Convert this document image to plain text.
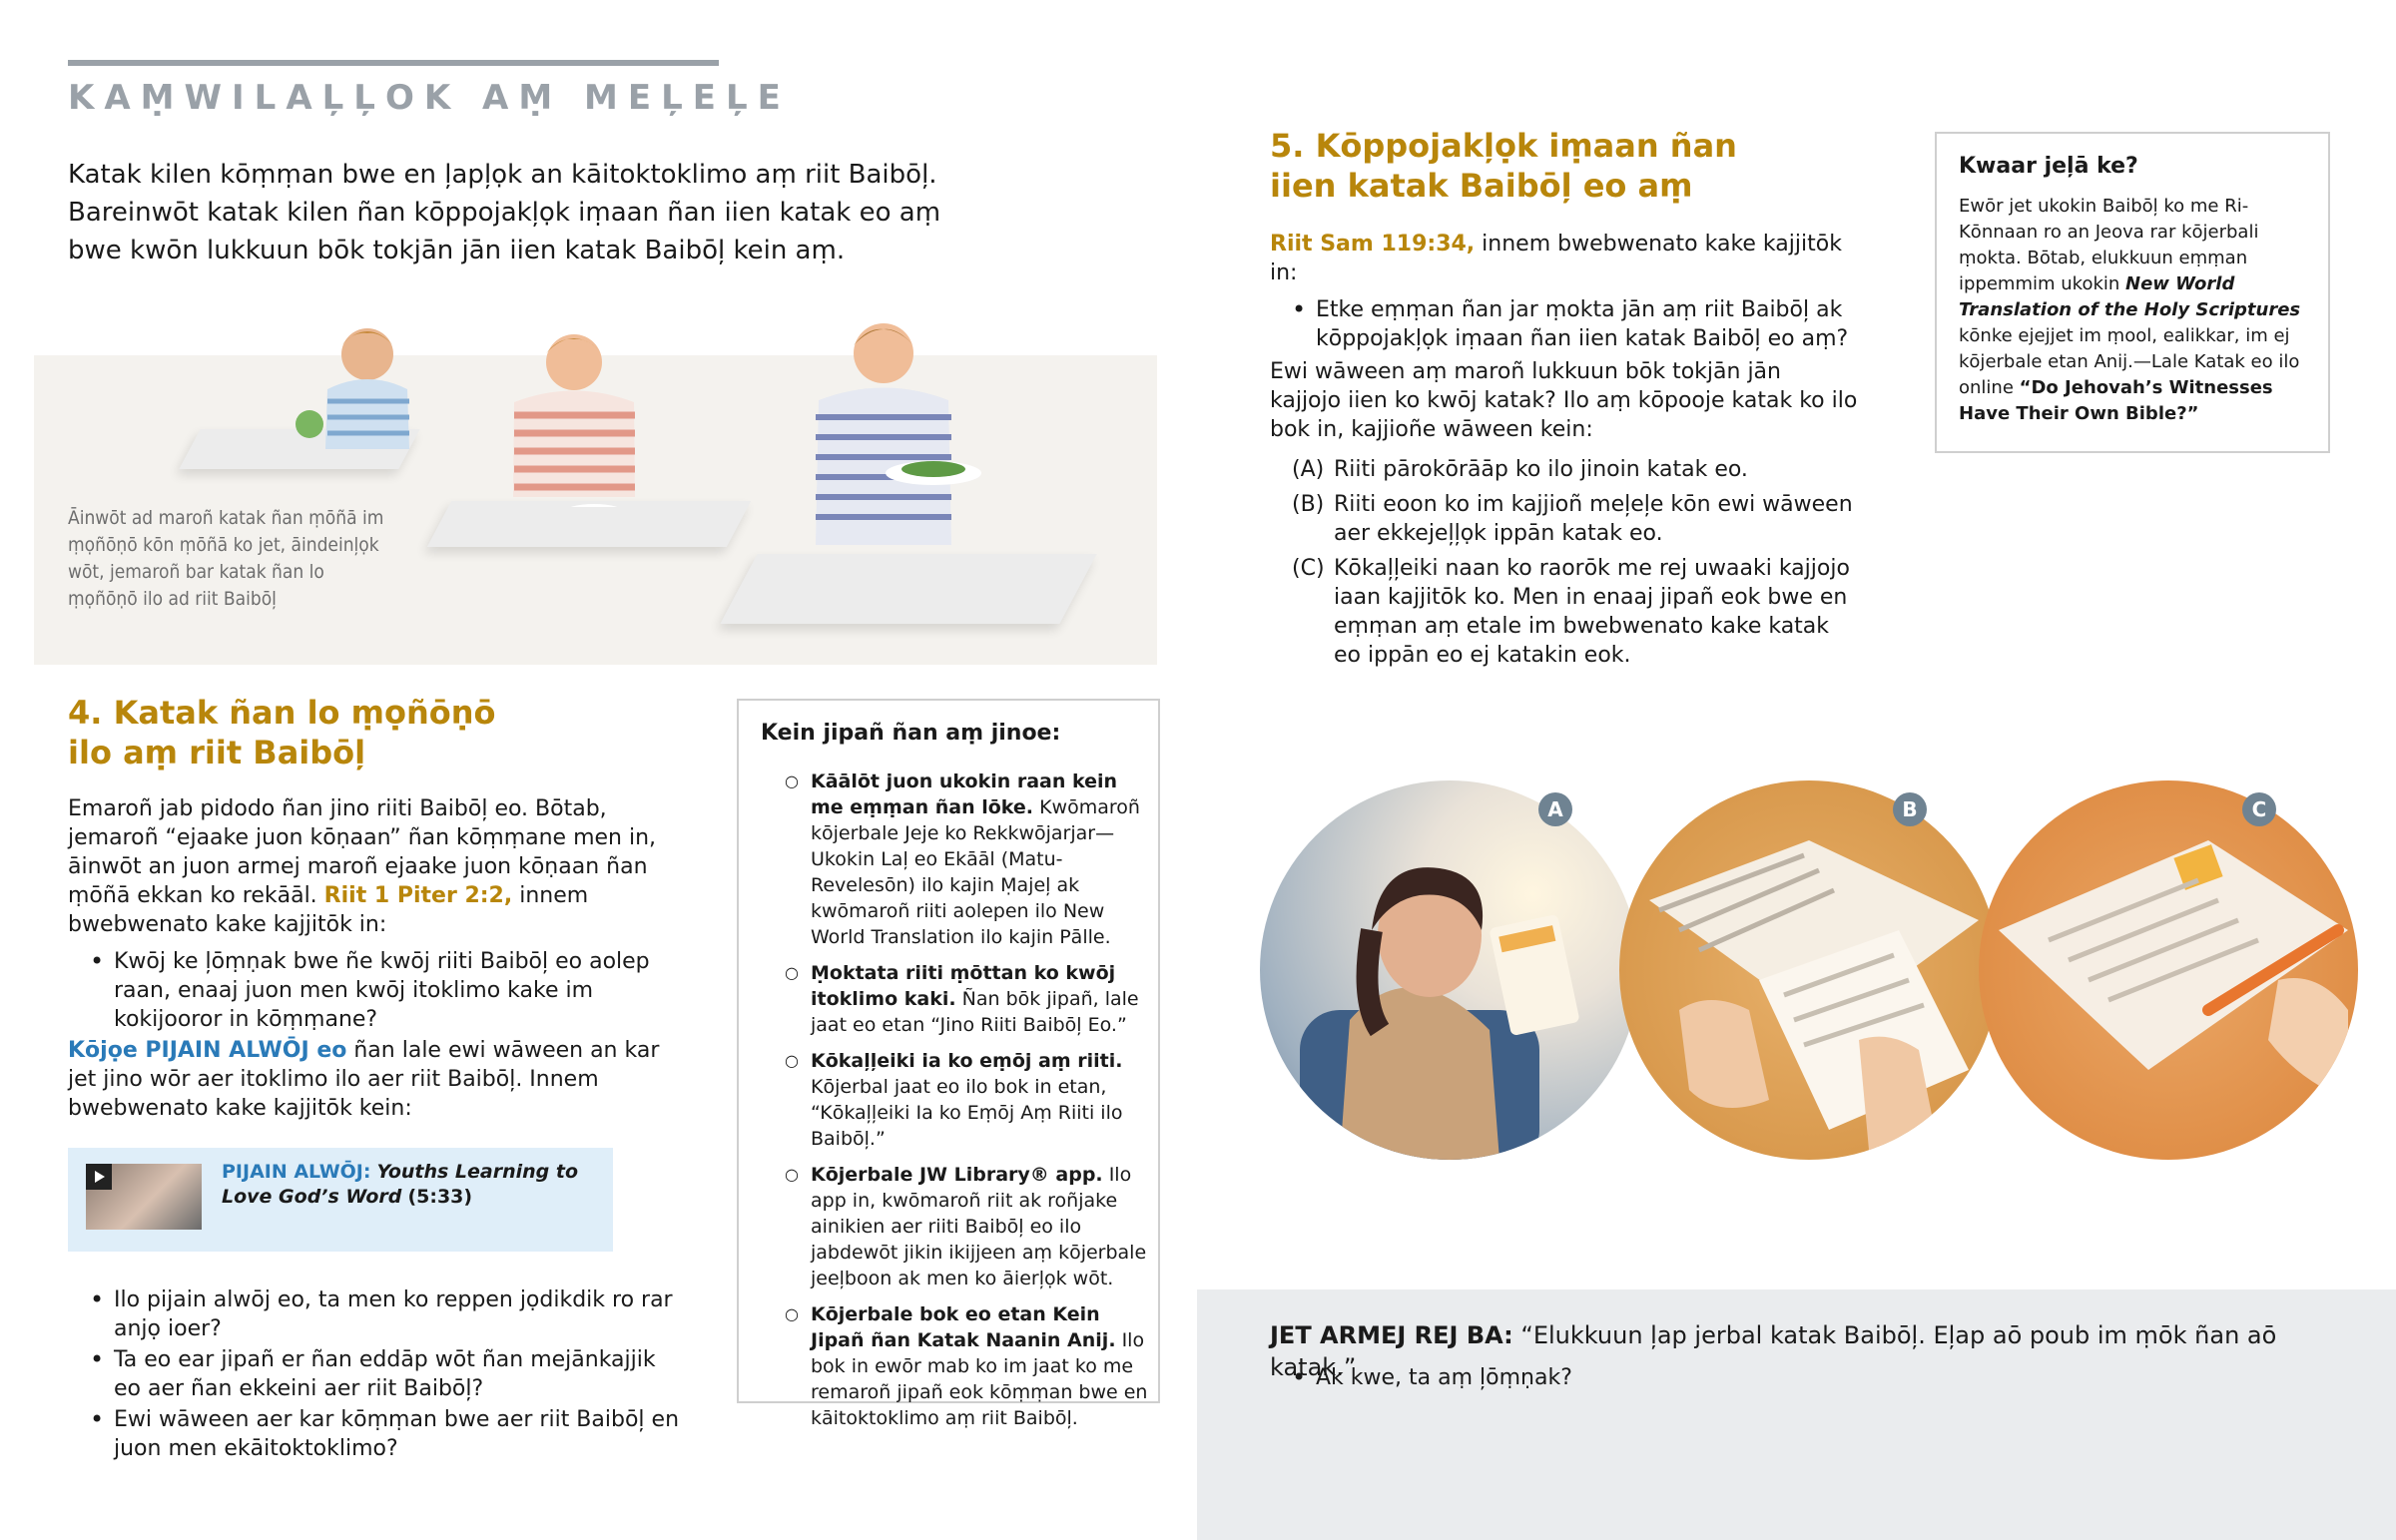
KAṂWILAĻĻOK AṂ MEĻEĻE
Katak kilen kōṃṃan bwe en ļapļọk an kāitoktoklimo aṃ riit Baibōļ. Bareinwōt katak kilen ñan kōppojakļọk iṃaan ñan iien katak eo aṃ bwe kwōn lukkuun bōk tokjān jān iien katak Baibōļ kein aṃ.
Āinwōt ad maroñ katak ñan ṃōñā im ṃọñōṇō kōn ṃōñā ko jet, āindeinļọk wōt, jemaroñ bar katak ñan lo ṃọñōṇō ilo ad riit Baibōļ
4. Katak ñan lo ṃọñōṇō ilo aṃ riit Baibōļ
Emaroñ jab pidodo ñan jino riiti Baibōļ eo. Bōtab, jemaroñ “ejaake juon kōṇaan” ñan kōṃṃane men in, āinwōt an juon armej maroñ ejaake juon kōṇaan ñan ṃōñā ekkan ko rekāāl. Riit 1 Piter 2:2, innem bwebwenato kake kajjitōk in:
• Kwōj ke ļōṃṇak bwe ñe kwōj riiti Baibōļ eo aolep raan, enaaj juon men kwōj itoklimo kake im kokijooror in kōṃṃane?
Kōjọe PIJAIN ALWŌJ eo ñan lale ewi wāween an kar jet jino wōr aer itoklimo ilo aer riit Baibōļ. Innem bwebwenato kake kajjitōk kein:
PIJAIN ALWŌJ: Youths Learning to Love God’s Word (5:33)
• Ilo pijain alwōj eo, ta men ko reppen jọdikdik ro rar anjọ ioer?
• Ta eo ear jipañ er ñan eddāp wōt ñan mejānkajjik eo aer ñan ekkeini aer riit Baibōļ?
• Ewi wāween aer kar kōṃṃan bwe aer riit Baibōļ en juon men ekāitoktoklimo?
Kein jipañ ñan aṃ jinoe:
○ Kāālōt juon ukokin raan kein me eṃṃan ñan lōke. Kwōmaroñ kōjerbale Jeje ko Rekkwōjarjar—Ukokin Laļ eo Ekāāl (Matu-Revelesōn) ilo kajin Ṃajeļ ak kwōmaroñ riiti aolepen ilo New World Translation ilo kajin Pālle.
○ Ṃoktata riiti ṃōttan ko kwōj itoklimo kaki. Ñan bōk jipañ, lale jaat eo etan “Jino Riiti Baibōļ Eo.”
○ Kōkaļļeiki ia ko eṃōj aṃ riiti. Kōjerbal jaat eo ilo bok in etan, “Kōkaļļeiki Ia ko Eṃōj Aṃ Riiti ilo Baibōļ.”
○ Kōjerbale JW Library® app. Ilo app in, kwōmaroñ riit ak roñjake ainikien aer riiti Baibōļ eo ilo jabdewōt jikin ikijjeen aṃ kōjerbale jeeļboon ak men ko āierļọk wōt.
○ Kōjerbale bok eo etan Kein Jipañ ñan Katak Naanin Anij. Ilo bok in ewōr mab ko im jaat ko me remaroñ jipañ eok kōṃṃan bwe en kāitoktoklimo aṃ riit Baibōļ.
5. Kōppojakļọk iṃaan ñan iien katak Baibōļ eo aṃ
Riit Sam 119:34, innem bwebwenato kake kajjitōk in:
• Etke eṃṃan ñan jar ṃokta jān aṃ riit Baibōļ ak kōppojakļọk iṃaan ñan iien katak Baibōļ eo aṃ?
Ewi wāween aṃ maroñ lukkuun bōk tokjān jān kajjojo iien ko kwōj katak? Ilo aṃ kōpooje katak ko ilo bok in, kajjioñe wāween kein:
(A) Riiti pārokōrāāp ko ilo jinoin katak eo.
(B) Riiti eoon ko im kajjioñ meļeļe kōn ewi wāween aer ekkejeļļọk ippān katak eo.
(C) Kōkaļļeiki naan ko raorōk me rej uwaaki kajjojo iaan kajjitōk ko. Men in enaaj jipañ eok bwe en eṃṃan aṃ etale im bwebwenato kake katak eo ippān eo ej katakin eok.
Kwaar jeļā ke?
Ewōr jet ukokin Baibōļ ko me Ri-Kōnnaan ro an Jeova rar kōjerbali ṃokta. Bōtab, elukkuun eṃṃan ippemmim ukokin New World Translation of the Holy Scriptures kōnke ejejjet im ṃool, ealikkar, im ej kōjerbale etan Anij.—Lale Katak eo ilo online “Do Jehovah’s Witnesses Have Their Own Bible?”
A	B	C
JET ARMEJ REJ BA: “Elukkuun ļap jerbal katak Baibōļ. Eļap aō poub im ṃōk ñan aō katak.”
• Ak kwe, ta aṃ ļōṃṇak?
